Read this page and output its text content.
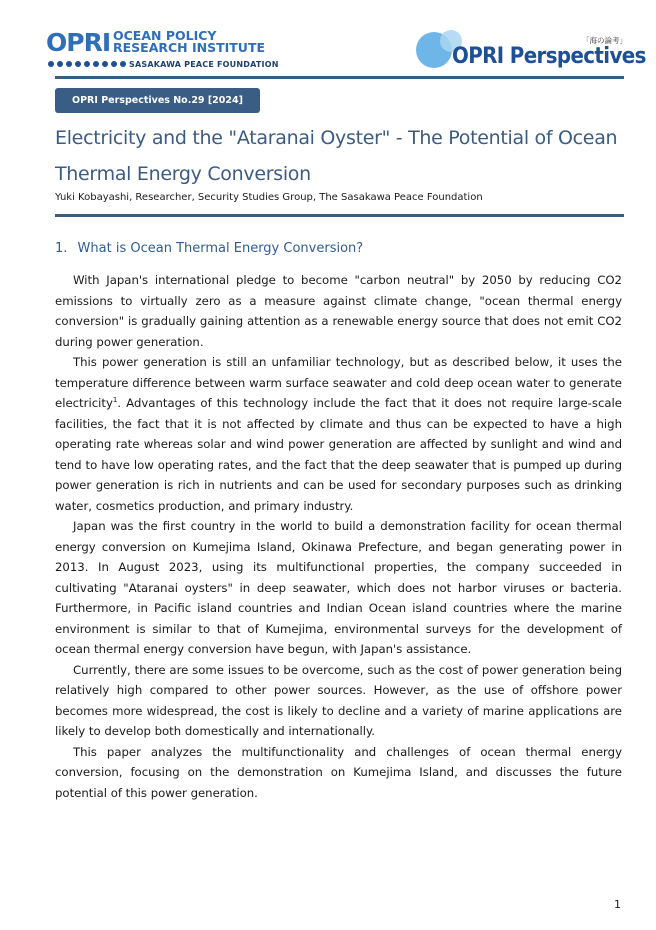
OPRI OCEAN POLICY
RESEARCH INSTITUTE
SASAKAWA PEACE FOUNDATION
「海の論考」
OPRI Perspectives
OPRI Perspectives No.29 [2024]
Electricity and the "Ataranai Oyster" - The Potential of Ocean
Thermal Energy Conversion
Yuki Kobayashi, Researcher, Security Studies Group, The Sasakawa Peace Foundation
1. What is Ocean Thermal Energy Conversion?

With Japan's international pledge to become "carbon neutral" by 2050 by reducing CO2 emissions to virtually zero as a measure against climate change, "ocean thermal energy conversion" is gradually gaining attention as a renewable energy source that does not emit CO2 during power generation.

This power generation is still an unfamiliar technology, but as described below, it uses the temperature difference between warm surface seawater and cold deep ocean water to generate electricity$^1$. Advantages of this technology include the fact that it does not require large-scale facilities, the fact that it is not affected by climate and thus can be expected to have a high operating rate whereas solar and wind power generation are affected by sunlight and wind and tend to have low operating rates, and the fact that the deep seawater that is pumped up during power generation is rich in nutrients and can be used for secondary purposes such as drinking water, cosmetics production, and primary industry.

Japan was the first country in the world to build a demonstration facility for ocean thermal energy conversion on Kumejima Island, Okinawa Prefecture, and began generating power in 2013. In August 2023, using its multifunctional properties, the company succeeded in cultivating "Ataranai oysters" in deep seawater, which does not harbor viruses or bacteria. Furthermore, in Pacific island countries and Indian Ocean island countries where the marine environment is similar to that of Kumejima, environmental surveys for the development of ocean thermal energy conversion have begun, with Japan's assistance.

Currently, there are some issues to be overcome, such as the cost of power generation being relatively high compared to other power sources. However, as the use of offshore power becomes more widespread, the cost is likely to decline and a variety of marine applications are likely to develop both domestically and internationally.

This paper analyzes the multifunctionality and challenges of ocean thermal energy conversion, focusing on the demonstration on Kumejima Island, and discusses the future potential of this power generation.

1
